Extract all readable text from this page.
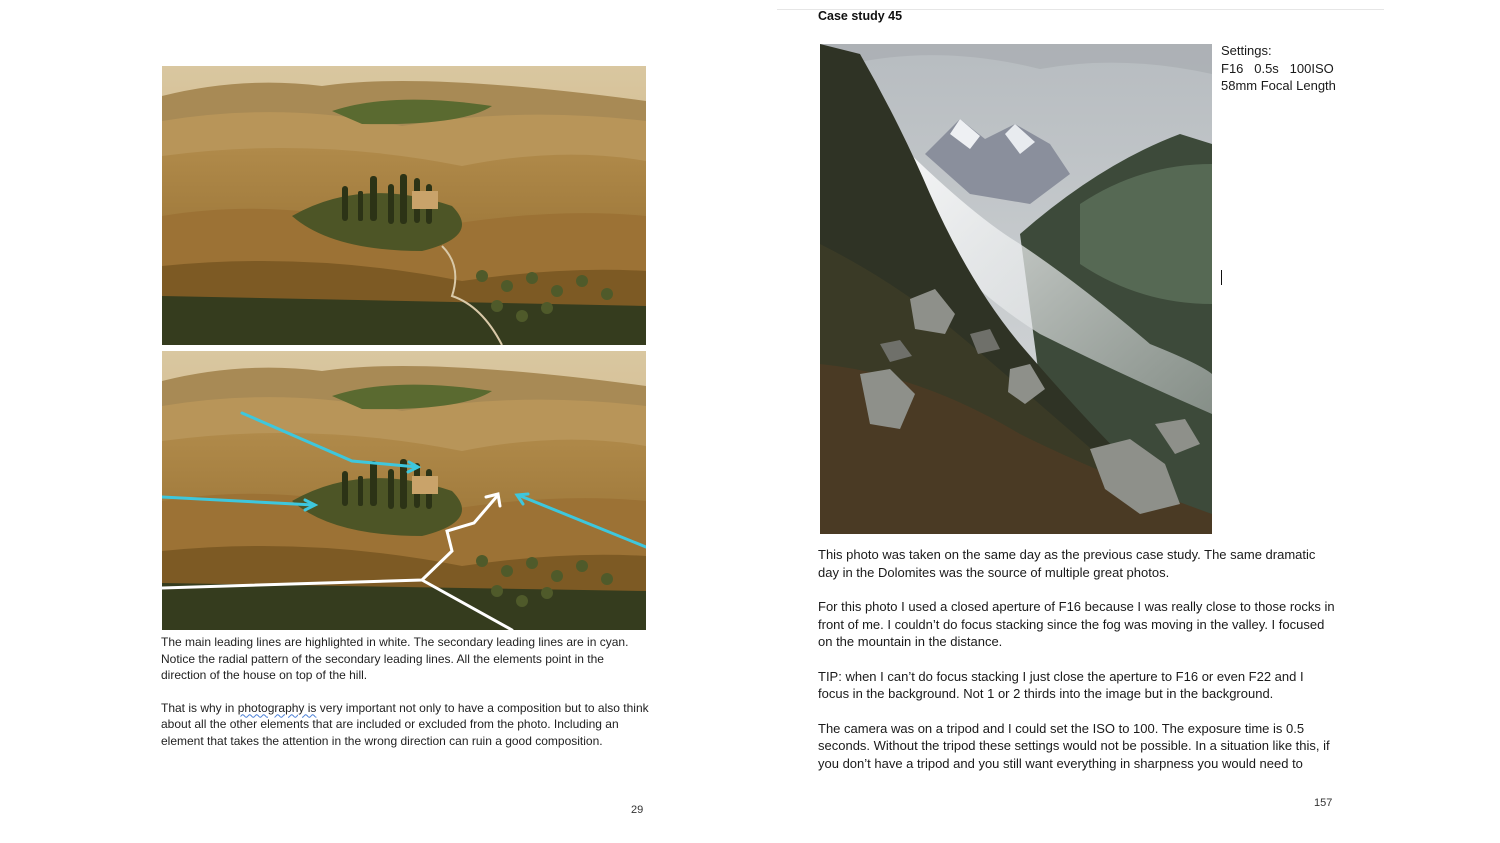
The main leading lines are highlighted in white. The secondary leading lines are in cyan. Notice the radial pattern of the secondary leading lines. All the elements point in the direction of the house on top of the hill.

That is why in photography is very important not only to have a composition but to also think about all the other elements that are included or excluded from the photo. Including an element that takes the attention in the wrong direction can ruin a good composition.

29
Case study 45
Settings:
F16   0.5s   100ISO
58mm Focal Length

This photo was taken on the same day as the previous case study. The same dramatic day in the Dolomites was the source of multiple great photos.

For this photo I used a closed aperture of F16 because I was really close to those rocks in front of me. I couldn’t do focus stacking since the fog was moving in the valley. I focused on the mountain in the distance.

TIP: when I can’t do focus stacking I just close the aperture to F16 or even F22 and I focus in the background. Not 1 or 2 thirds into the image but in the background.

The camera was on a tripod and I could set the ISO to 100. The exposure time is 0.5 seconds. Without the tripod these settings would not be possible. In a situation like this, if you don’t have a tripod and you still want everything in sharpness you would need to

157
